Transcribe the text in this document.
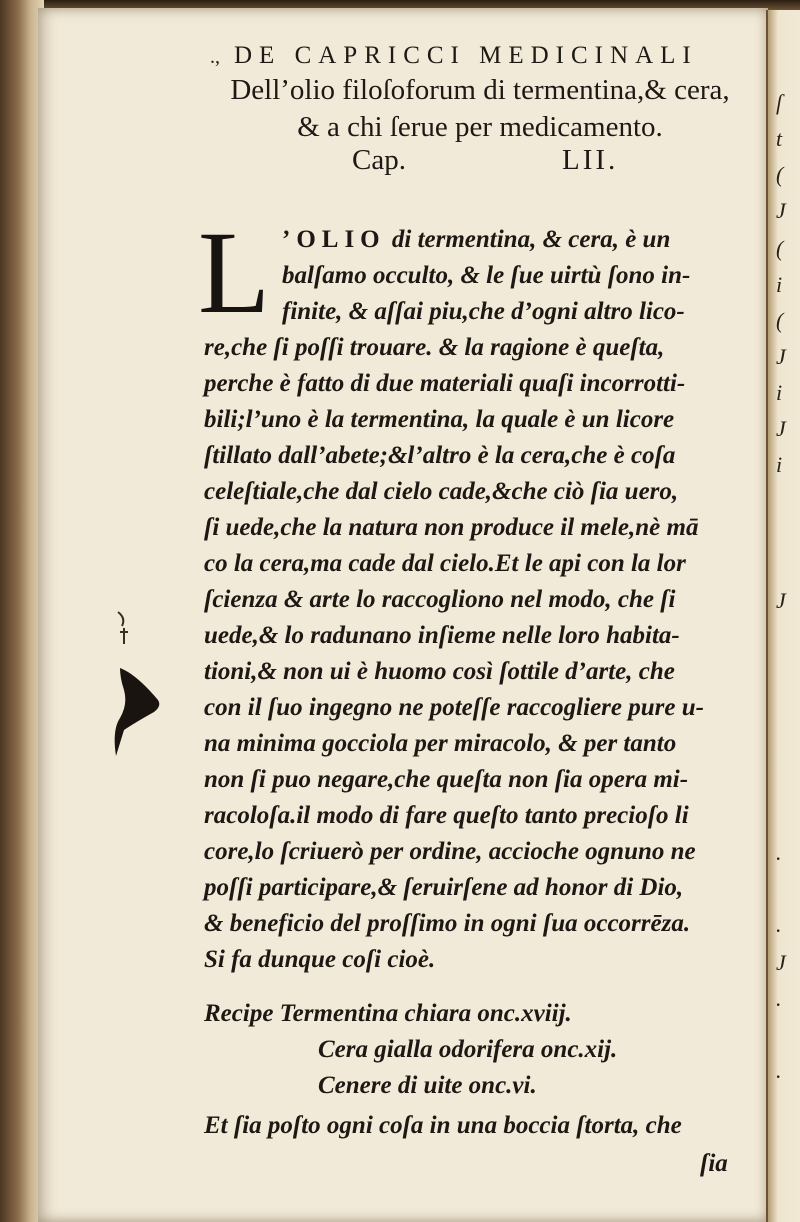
ſ
t
(
J
(
i
(
J
i
J
i
J
.
.
J
.
.
., DE CAPRICCI MEDICINALI
Dell’olio filoſoforum di termentina,& cera,
& a chi ſerue per medicamento.
Cap.	LII.
L ’OLIO di termentina, & cera, è un
balſamo occulto, & le ſue uirtù ſono in-
finite, & aſſai piu,che d’ogni altro lico-
re,che ſi poſſi trouare. & la ragione è queſta,
perche è fatto di due materiali quaſi incorrotti-
bili;l’uno è la termentina, la quale è un licore
ſtillato dall’abete;&l’altro è la cera,che è coſa
celeſtiale,che dal cielo cade,&che ciò ſia uero,
ſi uede,che la natura non produce il mele,nè mā
co la cera,ma cade dal cielo.Et le api con la lor
ſcienza & arte lo raccogliono nel modo, che ſi
uede,& lo radunano inſieme nelle loro habita-
tioni,& non ui è huomo così ſottile d’arte, che
con il ſuo ingegno ne poteſſe raccogliere pure u-
na minima gocciola per miracolo, & per tanto
non ſi puo negare,che queſta non ſia opera mi-
racoloſa.il modo di fare queſto tanto precioſo li
core,lo ſcriuerò per ordine, accioche ognuno ne
poſſi participare,& ſeruirſene ad honor di Dio,
& beneficio del proſſimo in ogni ſua occorrēza.
Si fa dunque coſi cioè.
Recipe Termentina chiara onc.xviij.
Cera gialla odorifera onc.xij.
Cenere di uite onc.vi.
Et ſia poſto ogni coſa in una boccia ſtorta, che
ſia
